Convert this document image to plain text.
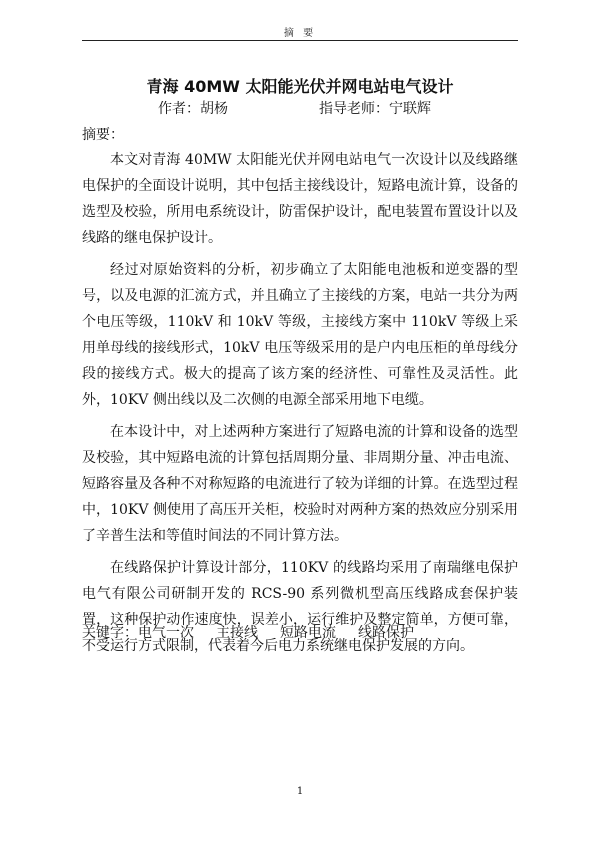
摘 要
青海 40MW 太阳能光伏并网电站电气设计
作者：胡杨	指导老师：宁联辉
摘要：

本文对青海 40MW 太阳能光伏并网电站电气一次设计以及线路继电保护的全面设计说明，其中包括主接线设计，短路电流计算，设备的选型及校验，所用电系统设计，防雷保护设计，配电装置布置设计以及线路的继电保护设计。

经过对原始资料的分析，初步确立了太阳能电池板和逆变器的型号，以及电源的汇流方式，并且确立了主接线的方案，电站一共分为两个电压等级，110kV 和 10kV 等级，主接线方案中 110kV 等级上采用单母线的接线形式，10kV 电压等级采用的是户内电压柜的单母线分段的接线方式。极大的提高了该方案的经济性、可靠性及灵活性。此外，10KV 侧出线以及二次侧的电源全部采用地下电缆。

在本设计中，对上述两种方案进行了短路电流的计算和设备的选型及校验，其中短路电流的计算包括周期分量、非周期分量、冲击电流、短路容量及各种不对称短路的电流进行了较为详细的计算。在选型过程中，10KV 侧使用了高压开关柜，校验时对两种方案的热效应分别采用了辛普生法和等值时间法的不同计算方法。

在线路保护计算设计部分，110KV 的线路均采用了南瑞继电保护电气有限公司研制开发的 RCS-90 系列微机型高压线路成套保护装置，这种保护动作速度快，误差小，运行维护及整定简单，方便可靠，不受运行方式限制，代表着今后电力系统继电保护发展的方向。

关键字：电气一次 主接线 短路电流 线路保护
1
